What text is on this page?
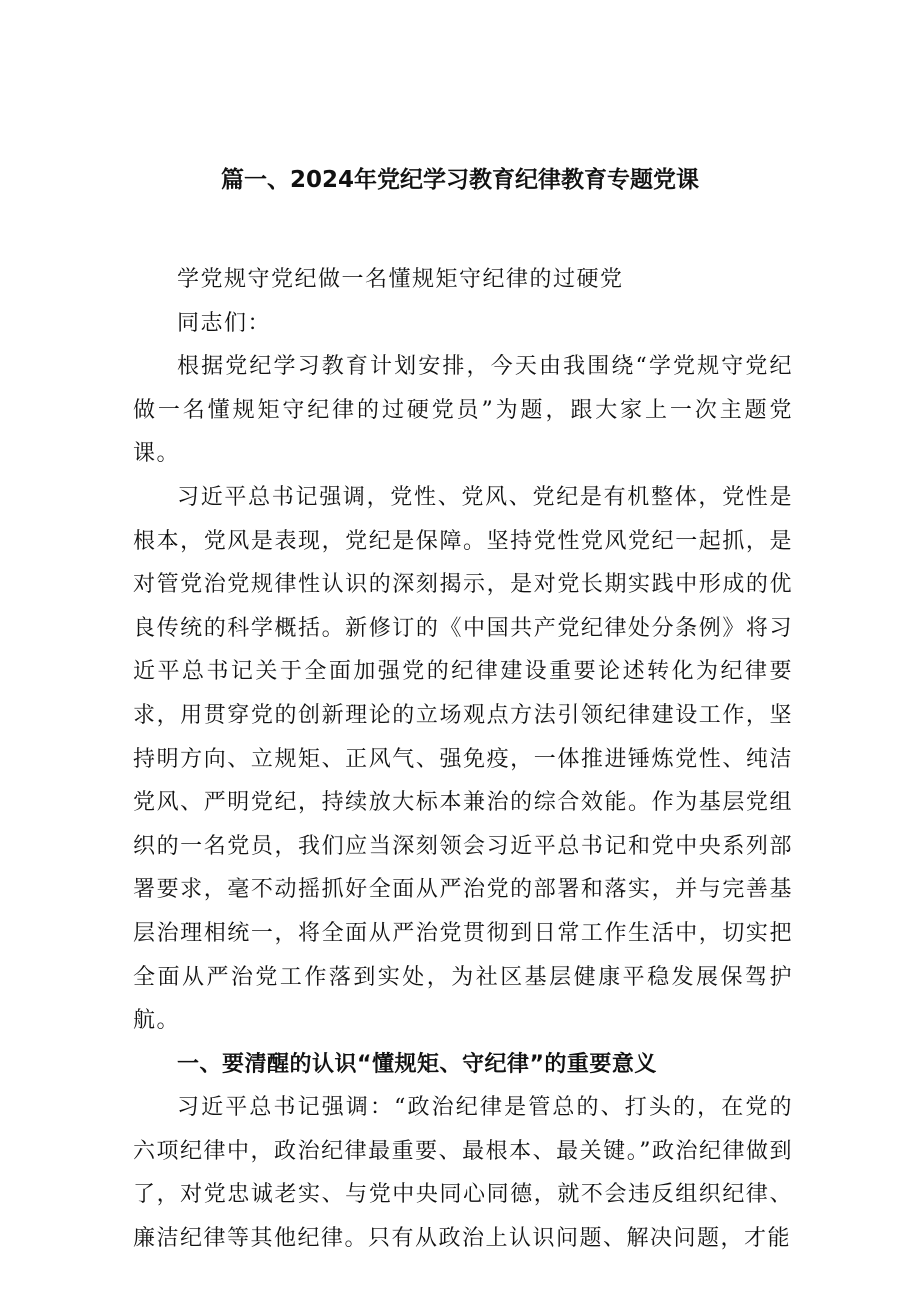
篇一、2024年党纪学习教育纪律教育专题党课

学党规守党纪做一名懂规矩守纪律的过硬党

同志们：

根据党纪学习教育计划安排，今天由我围绕“学党规守党纪做一名懂规矩守纪律的过硬党员”为题，跟大家上一次主题党课。

习近平总书记强调，党性、党风、党纪是有机整体，党性是根本，党风是表现，党纪是保障。坚持党性党风党纪一起抓，是对管党治党规律性认识的深刻揭示，是对党长期实践中形成的优良传统的科学概括。新修订的《中国共产党纪律处分条例》将习近平总书记关于全面加强党的纪律建设重要论述转化为纪律要求，用贯穿党的创新理论的立场观点方法引领纪律建设工作，坚持明方向、立规矩、正风气、强免疫，一体推进锤炼党性、纯洁党风、严明党纪，持续放大标本兼治的综合效能。作为基层党组织的一名党员，我们应当深刻领会习近平总书记和党中央系列部署要求，毫不动摇抓好全面从严治党的部署和落实，并与完善基层治理相统一，将全面从严治党贯彻到日常工作生活中，切实把全面从严治党工作落到实处，为社区基层健康平稳发展保驾护航。

一、要清醒的认识“懂规矩、守纪律”的重要意义

习近平总书记强调：“政治纪律是管总的、打头的，在党的六项纪律中，政治纪律最重要、最根本、最关键。”政治纪律做到了，对党忠诚老实、与党中央同心同德，就不会违反组织纪律、廉洁纪律等其他纪律。只有从政治上认识问题、解决问题，才能
